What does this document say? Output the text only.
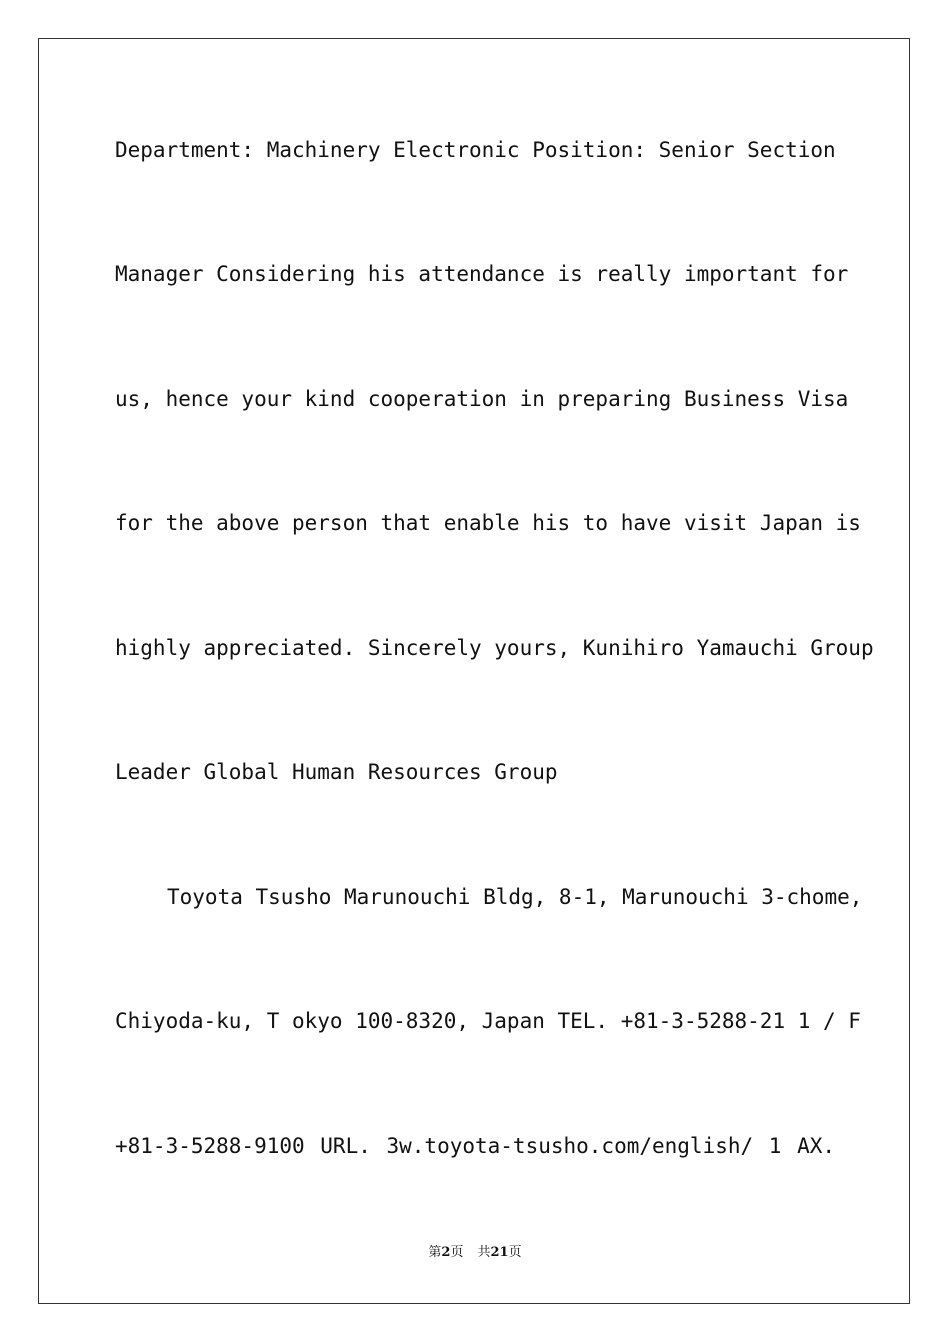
Department: Machinery Electronic Position: Senior Section
Manager Considering his attendance is really important for
us, hence your kind cooperation in preparing Business Visa
for the above person that enable his to have visit Japan is
highly appreciated. Sincerely yours, Kunihiro Yamauchi Group
Leader Global Human Resources Group
Toyota Tsusho Marunouchi Bldg, 8-1, Marunouchi 3-chome,
Chiyoda-ku, T okyo 100-8320, Japan TEL. +81-3-5288-21 1 / F
+81-3-5288-9100 URL. 3w.toyota-tsusho.com/english/ 1 AX.
第2页 共21页
